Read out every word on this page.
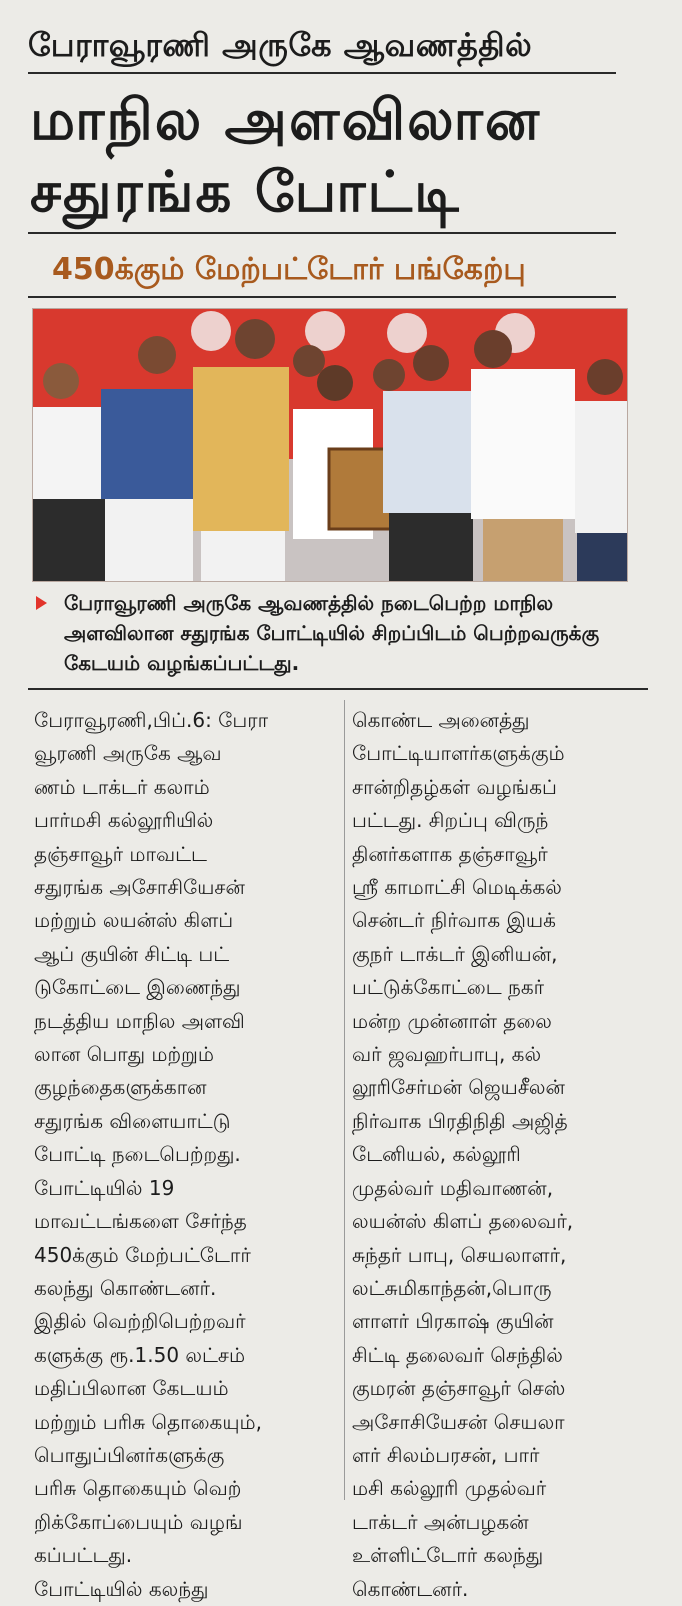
பேராவூரணி அருகே ஆவணத்தில்
மாநில அளவிலான
சதுரங்க போட்டி
450க்கும் மேற்பட்டோர் பங்கேற்பு
பேராவூரணி அருகே ஆவணத்தில் நடைபெற்ற மாநில அளவிலான சதுரங்க போட்டியில் சிறப்பிடம் பெற்றவருக்கு கேடயம் வழங்கப்பட்டது.

பேராவூரணி,பிப்.6: பேரா

வூரணி அருகே ஆவ

ணம் டாக்டர் கலாம்

பார்மசி கல்லூரியில்

தஞ்சாவூர் மாவட்ட

சதுரங்க அசோசியேசன்

மற்றும் லயன்ஸ் கிளப்

ஆப் குயின் சிட்டி பட்

டுகோட்டை இணைந்து

நடத்திய மாநில அளவி

லான பொது மற்றும்

குழந்தைகளுக்கான

சதுரங்க விளையாட்டு

போட்டி நடைபெற்றது.

போட்டியில் 19

மாவட்டங்களை சேர்ந்த

450க்கும் மேற்பட்டோர்

கலந்து கொண்டனர்.

இதில் வெற்றிபெற்றவர்

களுக்கு ரூ.1.50 லட்சம்

மதிப்பிலான கேடயம்

மற்றும் பரிசு தொகையும்,

பொதுப்பினர்களுக்கு

பரிசு தொகையும் வெற்

றிக்கோப்பையும் வழங்

கப்பட்டது.

போட்டியில் கலந்து

கொண்ட அனைத்து

போட்டியாளர்களுக்கும்

சான்றிதழ்கள் வழங்கப்

பட்டது. சிறப்பு விருந்

தினர்களாக தஞ்சாவூர்

ஸ்ரீ காமாட்சி மெடிக்கல்

சென்டர் நிர்வாக இயக்

குநர் டாக்டர் இனியன்,

பட்டுக்கோட்டை நகர்

மன்ற முன்னாள் தலை

வர் ஜவஹர்பாபு, கல்

லூரிசேர்மன் ஜெயசீலன்

நிர்வாக பிரதிநிதி அஜித்

டேனியல், கல்லூரி

முதல்வர் மதிவாணன்,

லயன்ஸ் கிளப் தலைவர்,

சுந்தர் பாபு, செயலாளர்,

லட்சுமிகாந்தன்,பொரு

ளாளர் பிரகாஷ் குயின்

சிட்டி தலைவர் செந்தில்

குமரன் தஞ்சாவூர் செஸ்

அசோசியேசன் செயலா

ளர் சிலம்பரசன், பார்

மசி கல்லூரி முதல்வர்

டாக்டர் அன்பழகன்

உள்ளிட்டோர் கலந்து

கொண்டனர்.
